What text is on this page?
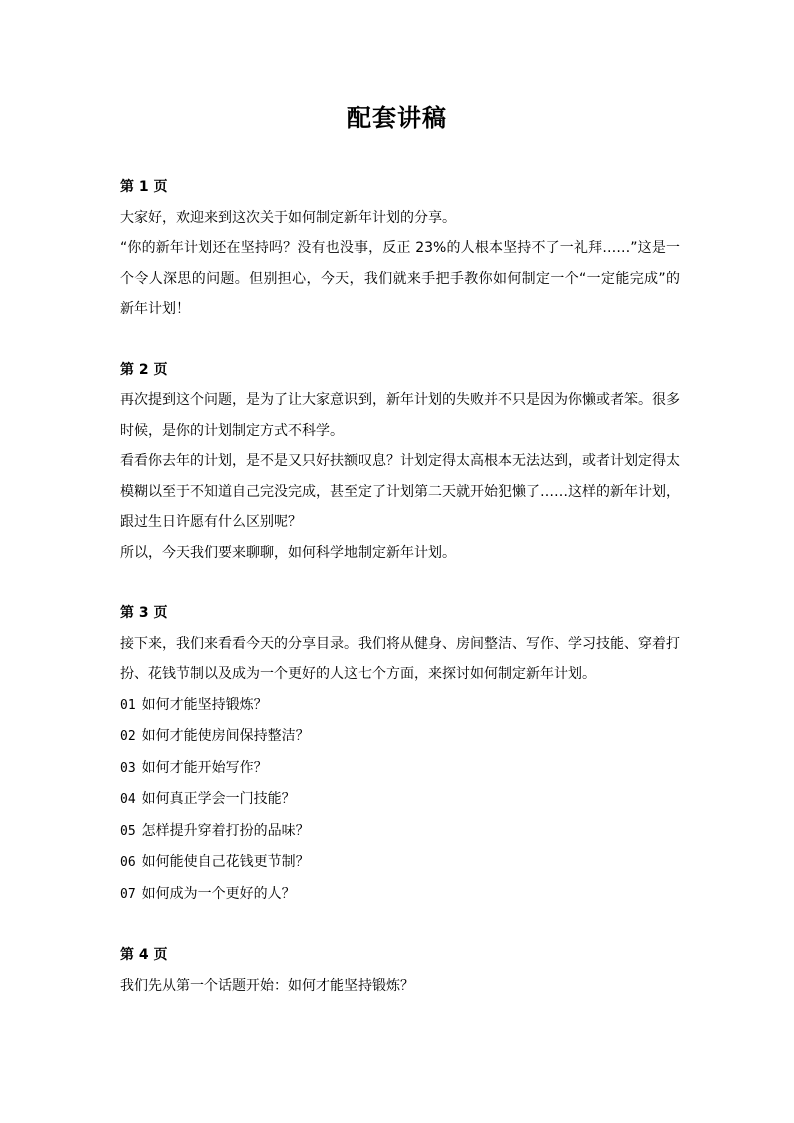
配套讲稿

第 1 页

大家好，欢迎来到这次关于如何制定新年计划的分享。

“你的新年计划还在坚持吗？没有也没事，反正 23%的人根本坚持不了一礼拜……”这是一个令人深思的问题。但别担心，今天，我们就来手把手教你如何制定一个“一定能完成”的新年计划！

第 2 页

再次提到这个问题，是为了让大家意识到，新年计划的失败并不只是因为你懒或者笨。很多时候，是你的计划制定方式不科学。

看看你去年的计划，是不是又只好扶额叹息？计划定得太高根本无法达到，或者计划定得太模糊以至于不知道自己完没完成，甚至定了计划第二天就开始犯懒了……这样的新年计划，跟过生日许愿有什么区别呢？

所以，今天我们要来聊聊，如何科学地制定新年计划。

第 3 页

接下来，我们来看看今天的分享目录。我们将从健身、房间整洁、写作、学习技能、穿着打扮、花钱节制以及成为一个更好的人这七个方面，来探讨如何制定新年计划。

01 如何才能坚持锻炼？
02 如何才能使房间保持整洁？
03 如何才能开始写作？
04 如何真正学会一门技能？
05 怎样提升穿着打扮的品味？
06 如何能使自己花钱更节制？
07 如何成为一个更好的人？

第 4 页

我们先从第一个话题开始：如何才能坚持锻炼？
